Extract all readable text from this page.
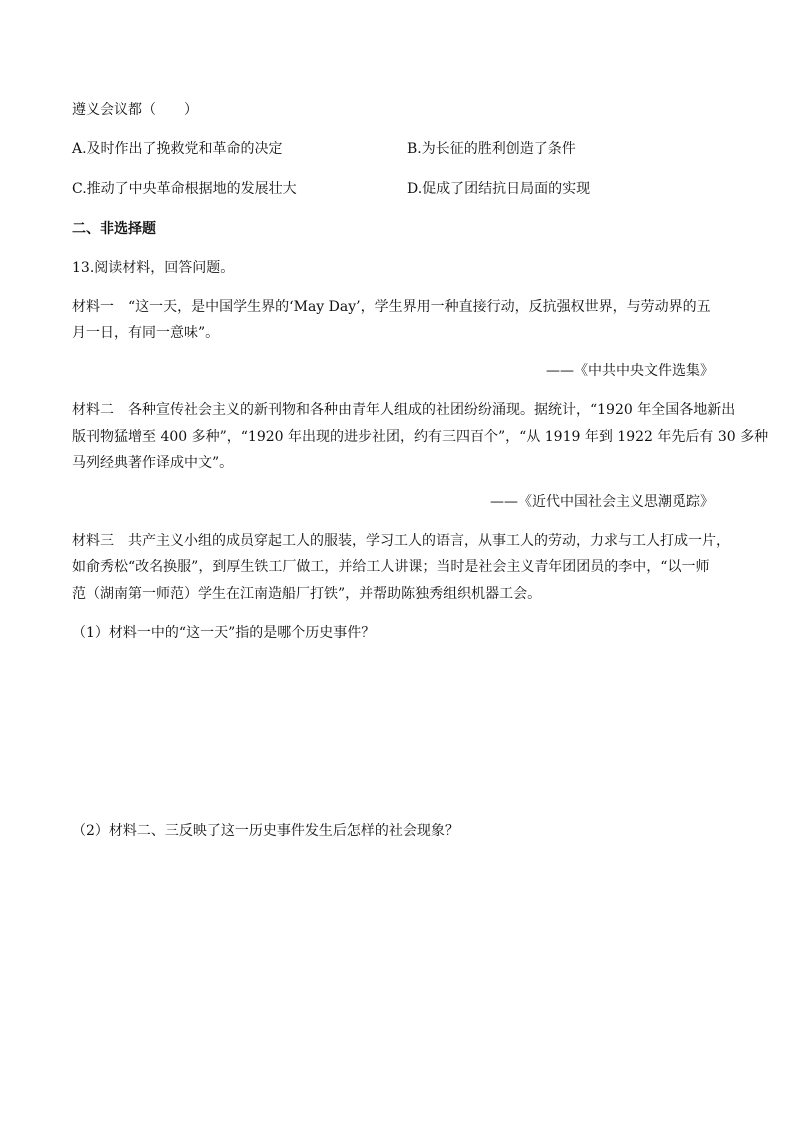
遵义会议都（　　）
A.及时作出了挽救党和革命的决定	B.为长征的胜利创造了条件
C.推动了中央革命根据地的发展壮大	D.促成了团结抗日局面的实现
二、非选择题
13.阅读材料，回答问题。
材料一　“这一天，是中国学生界的‘May Day’，学生界用一种直接行动，反抗强权世界，与劳动界的五
月一日，有同一意味”。
——《中共中央文件选集》
材料二　各种宣传社会主义的新刊物和各种由青年人组成的社团纷纷涌现。据统计，“1920 年全国各地新出
版刊物猛增至 400 多种”，“1920 年出现的进步社团，约有三四百个”，“从 1919 年到 1922 年先后有 30 多种
马列经典著作译成中文”。
——《近代中国社会主义思潮觅踪》
材料三　共产主义小组的成员穿起工人的服装，学习工人的语言，从事工人的劳动，力求与工人打成一片，
如俞秀松“改名换服”，到厚生铁工厂做工，并给工人讲课；当时是社会主义青年团团员的李中，“以一师
范（湖南第一师范）学生在江南造船厂打铁”，并帮助陈独秀组织机器工会。
（1）材料一中的“这一天”指的是哪个历史事件？
（2）材料二、三反映了这一历史事件发生后怎样的社会现象？
